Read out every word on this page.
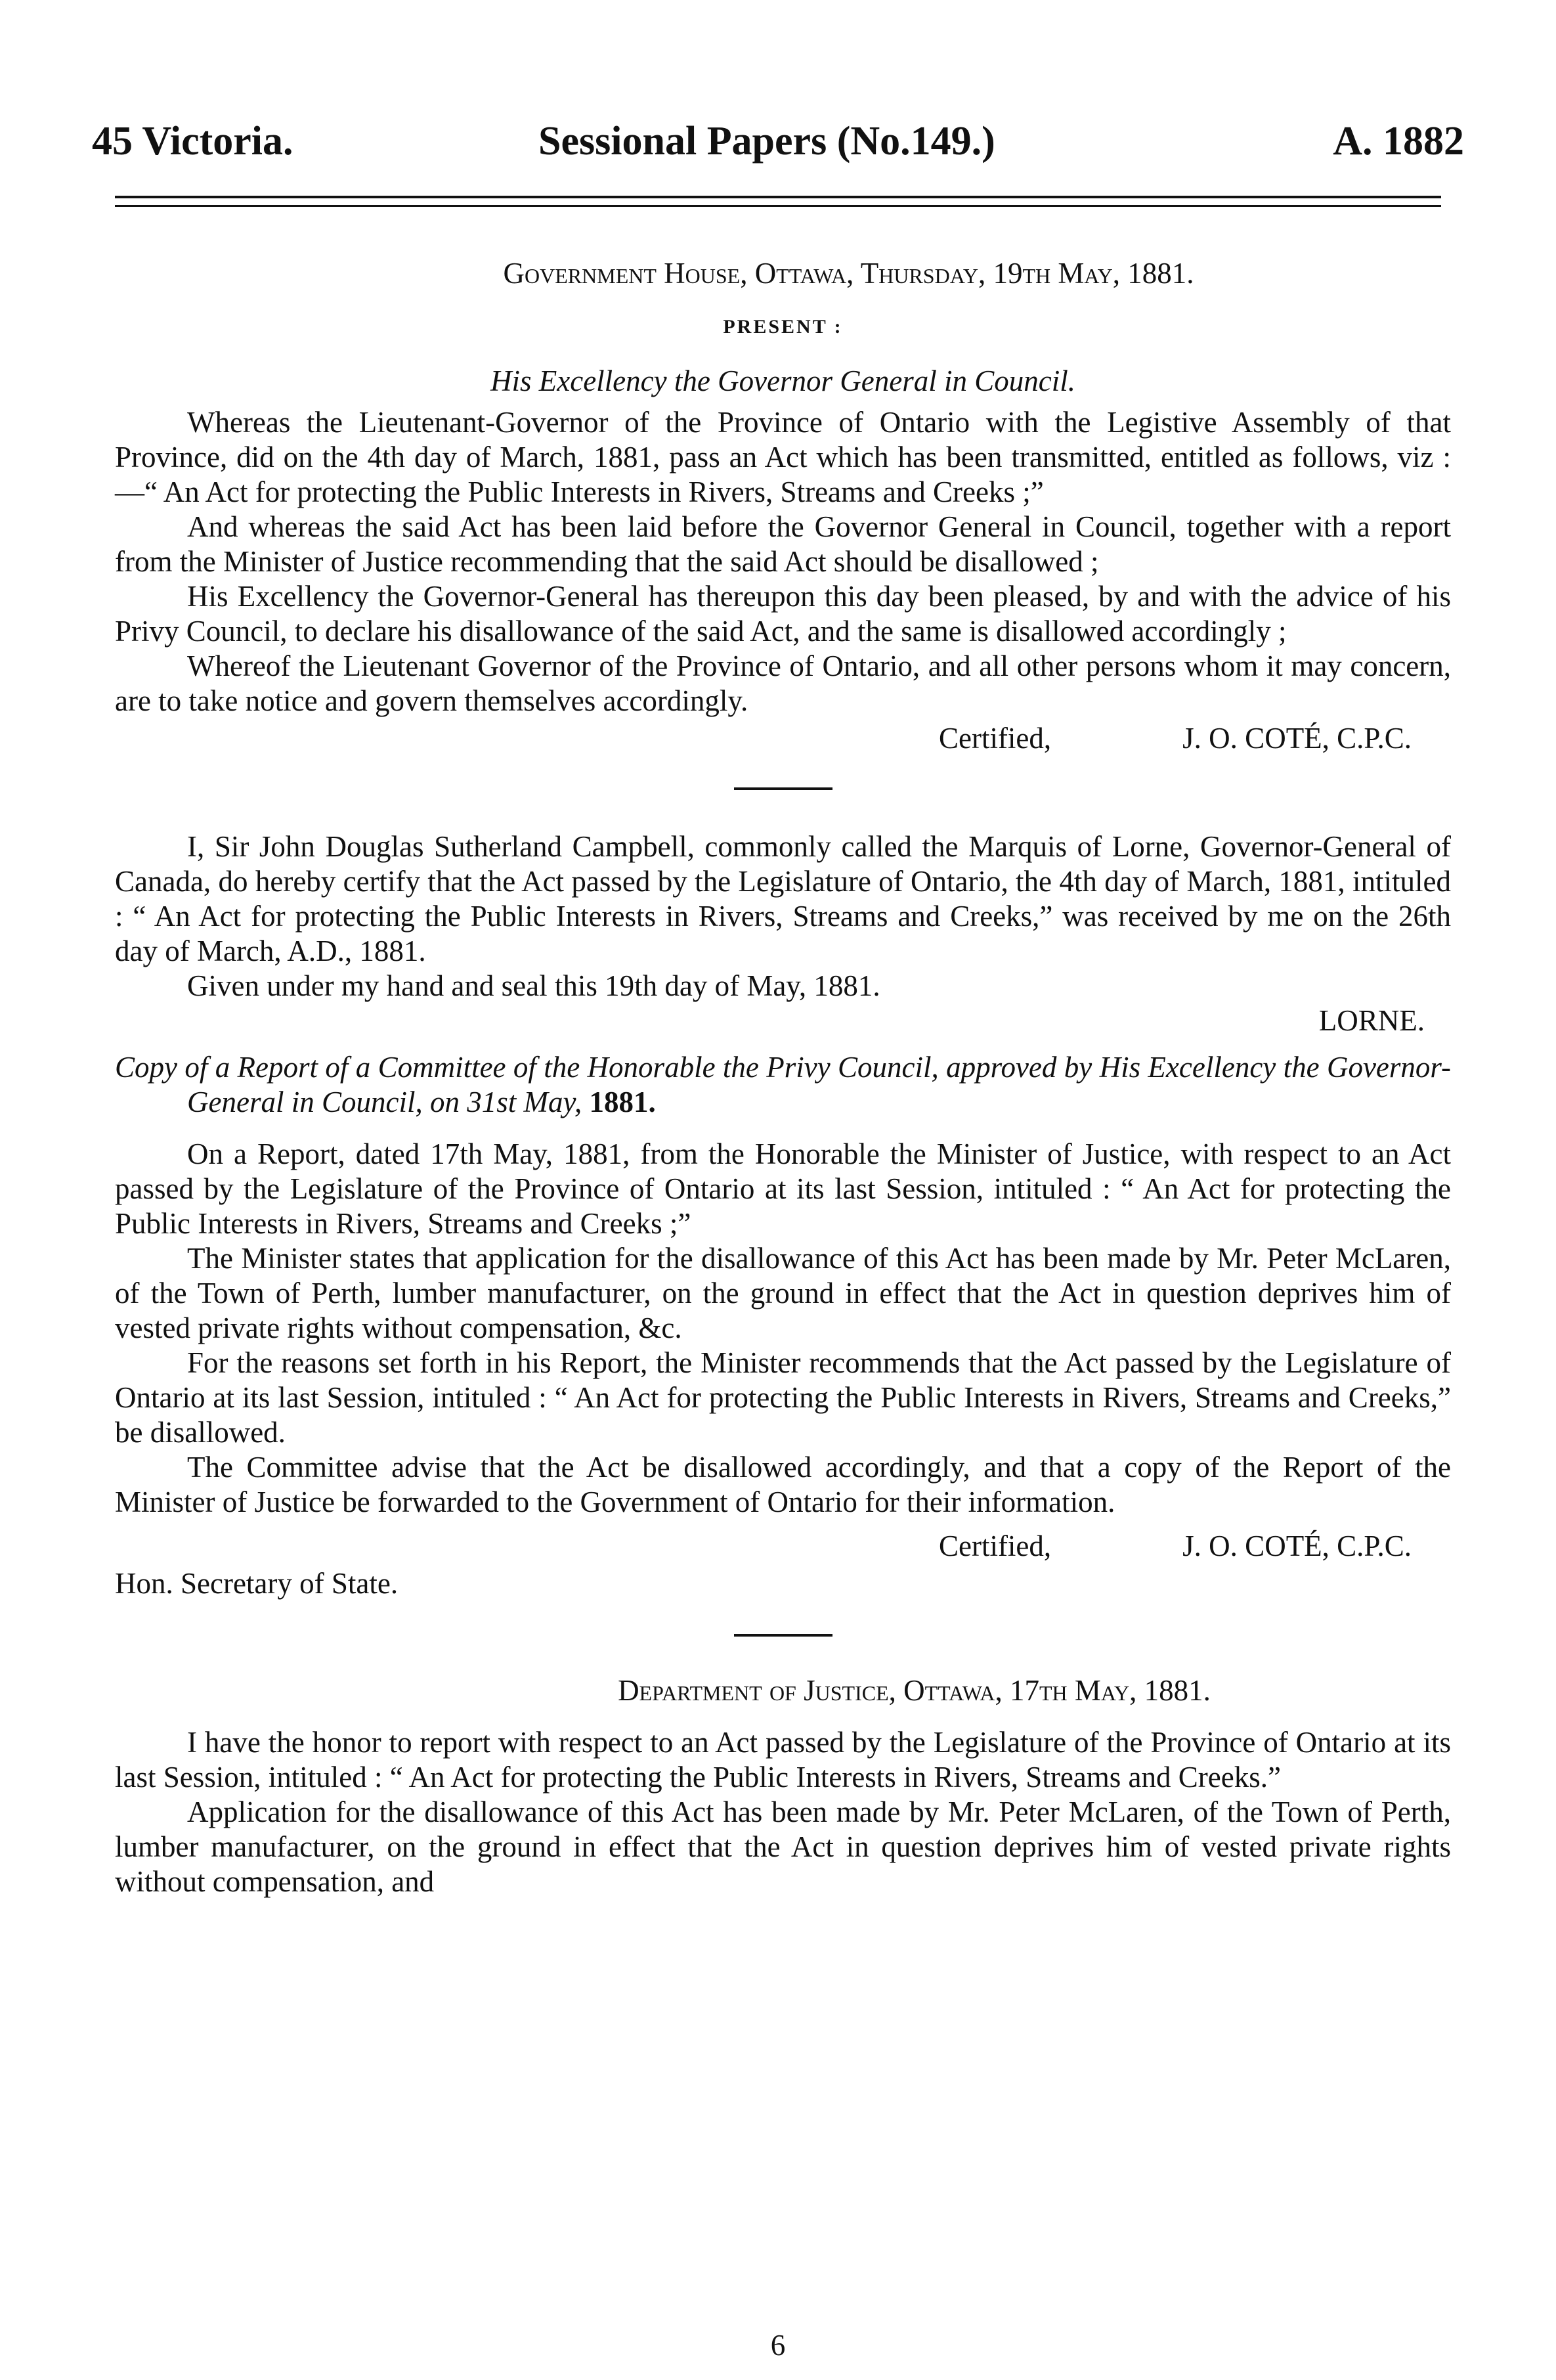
45 Victoria.	Sessional Papers (No.149.)	A. 1882

Government House, Ottawa, Thursday, 19th May, 1881.

PRESENT :

His Excellency the Governor General in Council.

Whereas the Lieutenant-Governor of the Province of Ontario with the Legistive Assembly of that Province, did on the 4th day of March, 1881, pass an Act which has been transmitted, entitled as follows, viz :—“ An Act for protecting the Public Interests in Rivers, Streams and Creeks ;”

And whereas the said Act has been laid before the Governor General in Council, together with a report from the Minister of Justice recommending that the said Act should be disallowed ;

His Excellency the Governor-General has thereupon this day been pleased, by and with the advice of his Privy Council, to declare his disallowance of the said Act, and the same is disallowed accordingly ;

Whereof the Lieutenant Governor of the Province of Ontario, and all other persons whom it may concern, are to take notice and govern themselves accordingly.

Certified,	J. O. COTÉ, C.P.C.

I, Sir John Douglas Sutherland Campbell, commonly called the Marquis of Lorne, Governor-General of Canada, do hereby certify that the Act passed by the Legislature of Ontario, the 4th day of March, 1881, intituled : “ An Act for protecting the Public Interests in Rivers, Streams and Creeks,” was received by me on the 26th day of March, A.D., 1881.

Given under my hand and seal this 19th day of May, 1881.

LORNE.

Copy of a Report of a Committee of the Honorable the Privy Council, approved by His Excellency the Governor-General in Council, on 31st May, 1881.

On a Report, dated 17th May, 1881, from the Honorable the Minister of Justice, with respect to an Act passed by the Legislature of the Province of Ontario at its last Session, intituled : “ An Act for protecting the Public Interests in Rivers, Streams and Creeks ;”

The Minister states that application for the disallowance of this Act has been made by Mr. Peter McLaren, of the Town of Perth, lumber manufacturer, on the ground in effect that the Act in question deprives him of vested private rights without compensation, &c.

For the reasons set forth in his Report, the Minister recommends that the Act passed by the Legislature of Ontario at its last Session, intituled : “ An Act for protecting the Public Interests in Rivers, Streams and Creeks,” be disallowed.

The Committee advise that the Act be disallowed accordingly, and that a copy of the Report of the Minister of Justice be forwarded to the Government of Ontario for their information.

Certified,	J. O. COTÉ, C.P.C.

Hon. Secretary of State.

Department of Justice, Ottawa, 17th May, 1881.

I have the honor to report with respect to an Act passed by the Legislature of the Province of Ontario at its last Session, intituled : “ An Act for protecting the Public Interests in Rivers, Streams and Creeks.”

Application for the disallowance of this Act has been made by Mr. Peter McLaren, of the Town of Perth, lumber manufacturer, on the ground in effect that the Act in question deprives him of vested private rights without compensation, and

6
